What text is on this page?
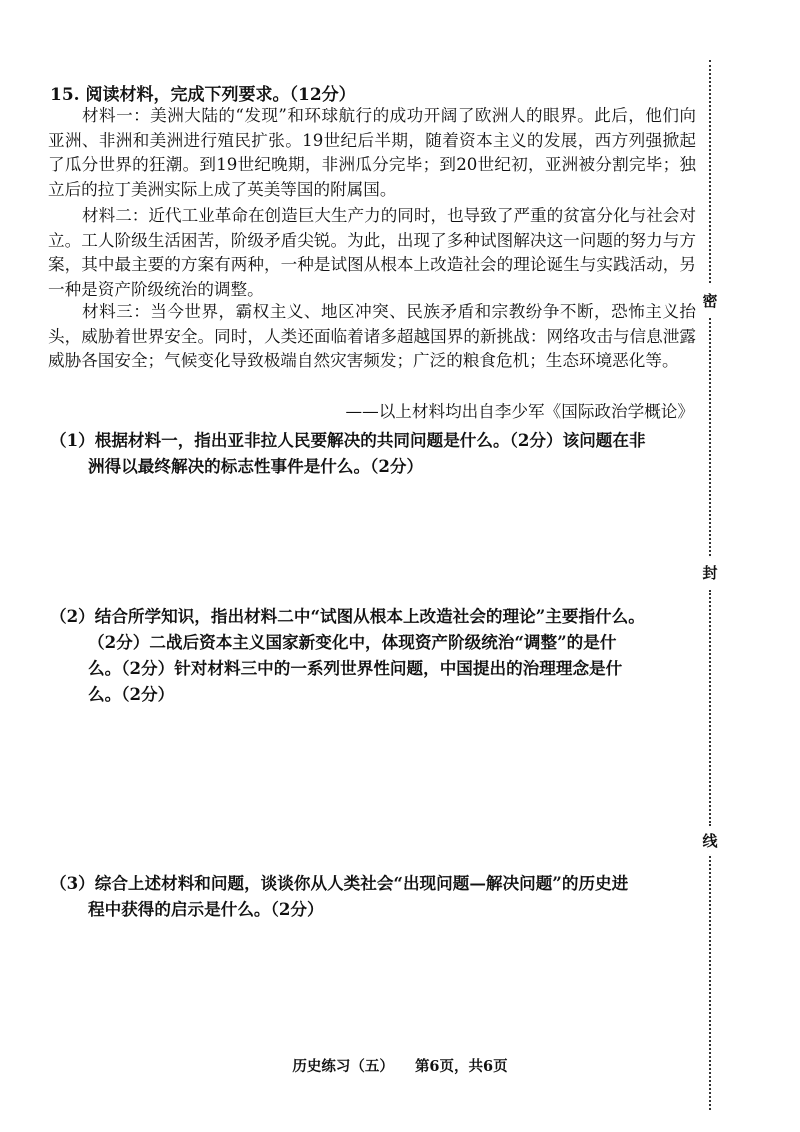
15. 阅读材料，完成下列要求。（12分）

材料一：美洲大陆的“发现”和环球航行的成功开阔了欧洲人的眼界。此后，他们向亚洲、非洲和美洲进行殖民扩张。19世纪后半期，随着资本主义的发展，西方列强掀起了瓜分世界的狂潮。到19世纪晚期，非洲瓜分完毕；到20世纪初，亚洲被分割完毕；独立后的拉丁美洲实际上成了英美等国的附属国。

材料二：近代工业革命在创造巨大生产力的同时，也导致了严重的贫富分化与社会对立。工人阶级生活困苦，阶级矛盾尖锐。为此，出现了多种试图解决这一问题的努力与方案，其中最主要的方案有两种，一种是试图从根本上改造社会的理论诞生与实践活动，另一种是资产阶级统治的调整。

材料三：当今世界，霸权主义、地区冲突、民族矛盾和宗教纷争不断，恐怖主义抬头，威胁着世界安全。同时，人类还面临着诸多超越国界的新挑战：网络攻击与信息泄露威胁各国安全；气候变化导致极端自然灾害频发；广泛的粮食危机；生态环境恶化等。

——以上材料均出自李少军《国际政治学概论》
（1）根据材料一，指出亚非拉人民要解决的共同问题是什么。（2分）该问题在非
洲得以最终解决的标志性事件是什么。（2分）
（2）结合所学知识，指出材料二中“试图从根本上改造社会的理论”主要指什么。
（2分）二战后资本主义国家新变化中，体现资产阶级统治“调整”的是什
么。（2分）针对材料三中的一系列世界性问题，中国提出的治理理念是什
么。（2分）
（3）综合上述材料和问题，谈谈你从人类社会“出现问题—解决问题”的历史进
程中获得的启示是什么。（2分）
历史练习（五） 第6页，共6页
密
封
线
